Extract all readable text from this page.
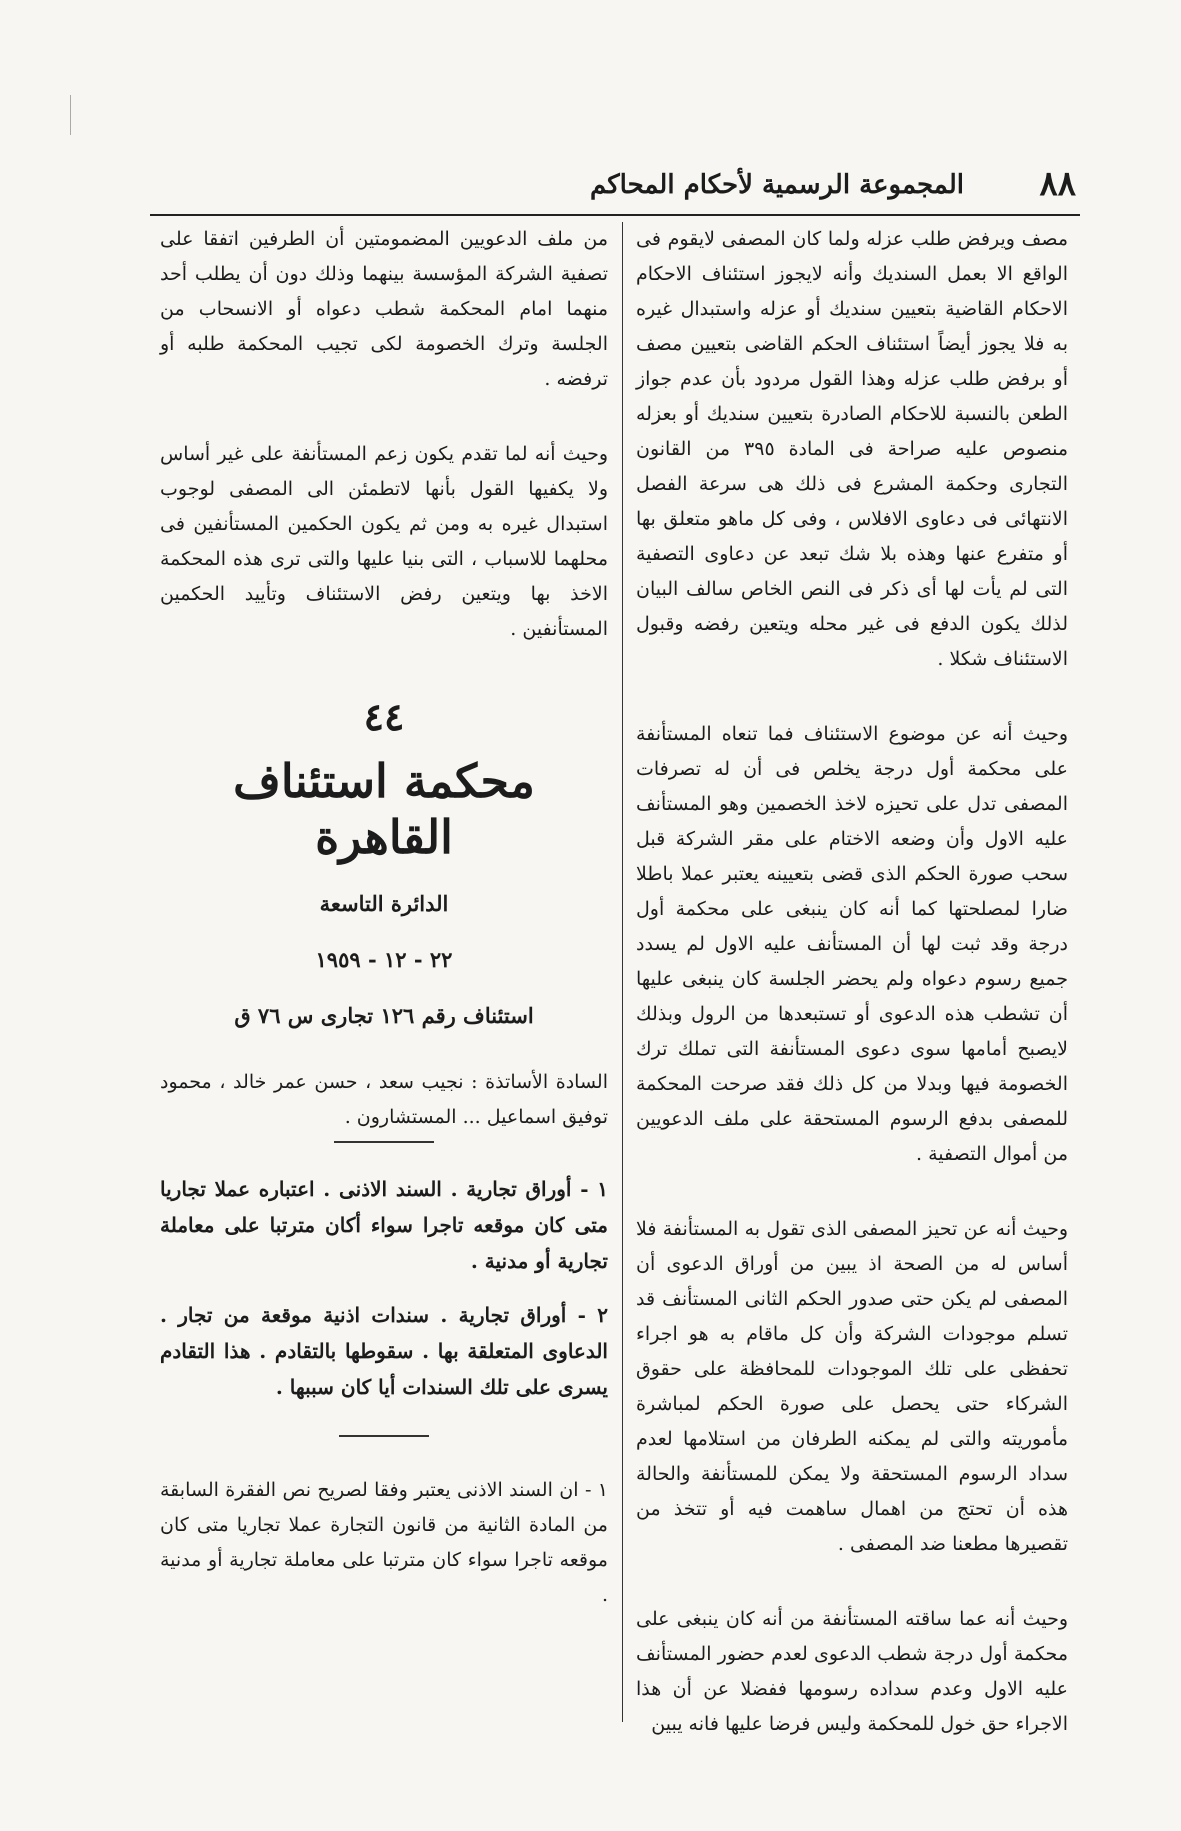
٨٨
المجموعة الرسمية لأحكام المحاكم

مصف ويرفض طلب عزله ولما كان المصفى لايقوم فى الواقع الا بعمل السنديك وأنه لايجوز استئناف الاحكام الاحكام القاضية بتعيين سنديك أو عزله واستبدال غيره به فلا يجوز أيضاً استئناف الحكم القاضى بتعيين مصف أو برفض طلب عزله وهذا القول مردود بأن عدم جواز الطعن بالنسبة للاحكام الصادرة بتعيين سنديك أو بعزله منصوص عليه صراحة فى المادة ٣٩٥ من القانون التجارى وحكمة المشرع فى ذلك هى سرعة الفصل الانتهائى فى دعاوى الافلاس ، وفى كل ماهو متعلق بها أو متفرع عنها وهذه بلا شك تبعد عن دعاوى التصفية التى لم يأت لها أى ذكر فى النص الخاص سالف البيان لذلك يكون الدفع فى غير محله ويتعين رفضه وقبول الاستئناف شكلا .

وحيث أنه عن موضوع الاستئناف فما تنعاه المستأنفة على محكمة أول درجة يخلص فى أن له تصرفات المصفى تدل على تحيزه لاخذ الخصمين وهو المستأنف عليه الاول وأن وضعه الاختام على مقر الشركة قبل سحب صورة الحكم الذى قضى بتعيينه يعتبر عملا باطلا ضارا لمصلحتها كما أنه كان ينبغى على محكمة أول درجة وقد ثبت لها أن المستأنف عليه الاول لم يسدد جميع رسوم دعواه ولم يحضر الجلسة كان ينبغى عليها أن تشطب هذه الدعوى أو تستبعدها من الرول وبذلك لايصبح أمامها سوى دعوى المستأنفة التى تملك ترك الخصومة فيها وبدلا من كل ذلك فقد صرحت المحكمة للمصفى بدفع الرسوم المستحقة على ملف الدعويين من أموال التصفية .

وحيث أنه عن تحيز المصفى الذى تقول به المستأنفة فلا أساس له من الصحة اذ يبين من أوراق الدعوى أن المصفى لم يكن حتى صدور الحكم الثانى المستأنف قد تسلم موجودات الشركة وأن كل ماقام به هو اجراء تحفظى على تلك الموجودات للمحافظة على حقوق الشركاء حتى يحصل على صورة الحكم لمباشرة مأموريته والتى لم يمكنه الطرفان من استلامها لعدم سداد الرسوم المستحقة ولا يمكن للمستأنفة والحالة هذه أن تحتج من اهمال ساهمت فيه أو تتخذ من تقصيرها مطعنا ضد المصفى .

وحيث أنه عما ساقته المستأنفة من أنه كان ينبغى على محكمة أول درجة شطب الدعوى لعدم حضور المستأنف عليه الاول وعدم سداده رسومها ففضلا عن أن هذا الاجراء حق خول للمحكمة وليس فرضا عليها فانه يبين

من ملف الدعويين المضمومتين أن الطرفين اتفقا على تصفية الشركة المؤسسة بينهما وذلك دون أن يطلب أحد منهما امام المحكمة شطب دعواه أو الانسحاب من الجلسة وترك الخصومة لكى تجيب المحكمة طلبه أو ترفضه .

وحيث أنه لما تقدم يكون زعم المستأنفة على غير أساس ولا يكفيها القول بأنها لاتطمئن الى المصفى لوجوب استبدال غيره به ومن ثم يكون الحكمين المستأنفين فى محلهما للاسباب ، التى بنيا عليها والتى ترى هذه المحكمة الاخذ بها ويتعين رفض الاستئناف وتأييد الحكمين المستأنفين .

٤٤

محكمة استئناف القاهرة

الدائرة التاسعة

٢٢ - ١٢ - ١٩٥٩

استئناف رقم ١٢٦ تجارى س ٧٦ ق

السادة الأساتذة : نجيب سعد ، حسن عمر خالد ، محمود توفيق اسماعيل ... المستشارون .

١ - أوراق تجارية . السند الاذنى . اعتباره عملا تجاريا متى كان موقعه تاجرا سواء أكان مترتبا على معاملة تجارية أو مدنية .

٢ - أوراق تجارية . سندات اذنية موقعة من تجار . الدعاوى المتعلقة بها . سقوطها بالتقادم . هذا التقادم يسرى على تلك السندات أيا كان سببها .

١ - ان السند الاذنى يعتبر وفقا لصريح نص الفقرة السابقة من المادة الثانية من قانون التجارة عملا تجاريا متى كان موقعه تاجرا سواء كان مترتبا على معاملة تجارية أو مدنية .
